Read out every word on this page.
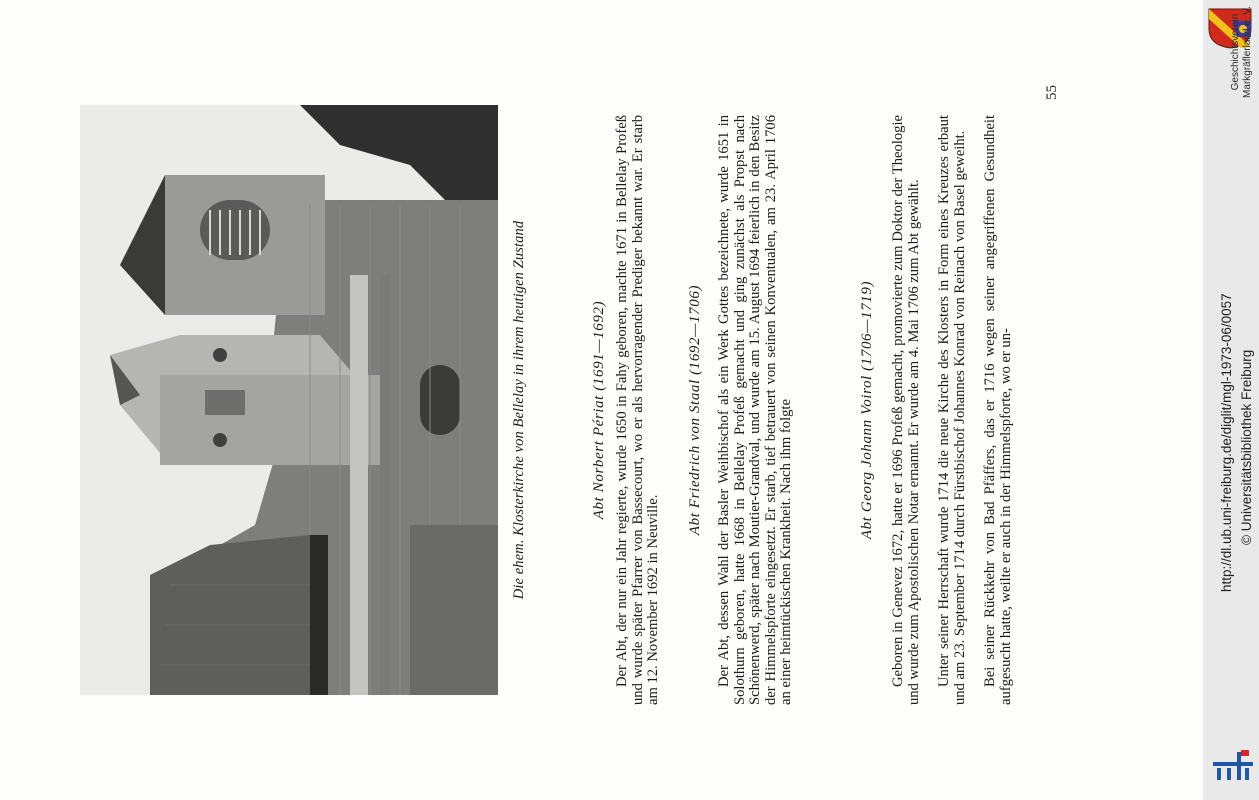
Die ehem. Klosterkirche von Bellelay in ihrem heutigen Zustand	Abt Norbert Périat (1691—1692) Der Abt, der nur ein Jahr regierte, wurde 1650 in Fahy geboren, machte 1671 in Bellelay Profeß und wurde später Pfarrer von Bassecourt, wo er als hervorragender Prediger bekannt war. Er starb am 12. November 1692 in Neuville.

Abt Friedrich von Staal (1692—1706) Der Abt, dessen Wahl der Basler Weihbischof als ein Werk Gottes bezeichnete, wurde 1651 in Solothurn geboren, hatte 1668 in Bellelay Profeß gemacht und ging zunächst als Propst nach Schönenwerd, später nach Moutier-Grandval, und wurde am 15. August 1694 feierlich in den Besitz der Himmelspforte eingesetzt. Er starb, tief betrauert von seinen Konventualen, am 23. April 1706 an einer heimtückischen Krankheit. Nach ihm folgte	Abt Georg Johann Voirol (1706—1719) Geboren in Genevez 1672, hatte er 1696 Profeß gemacht, promovierte zum Doktor der Theologie und wurde zum Apostolischen Notar ernannt. Er wurde am 4. Mai 1706 zum Abt gewählt. Unter seiner Herrschaft wurde 1714 die neue Kirche des Klosters in Form eines Kreuzes erbaut und am 23. September 1714 durch Fürstbischof Johannes Konrad von Reinach von Basel geweiht. Bei seiner Rückkehr von Bad Pfäffers, das er 1716 wegen seiner angegriffenen Gesundheit aufgesucht hatte, weilte er auch in der Himmelspforte, wo er un-

55
Geschichtsverein Markgräflerland e. V.
http://dl.ub.uni-freiburg.de/diglit/mgl-1973-06/0057 © Universitätsbibliothek Freiburg
